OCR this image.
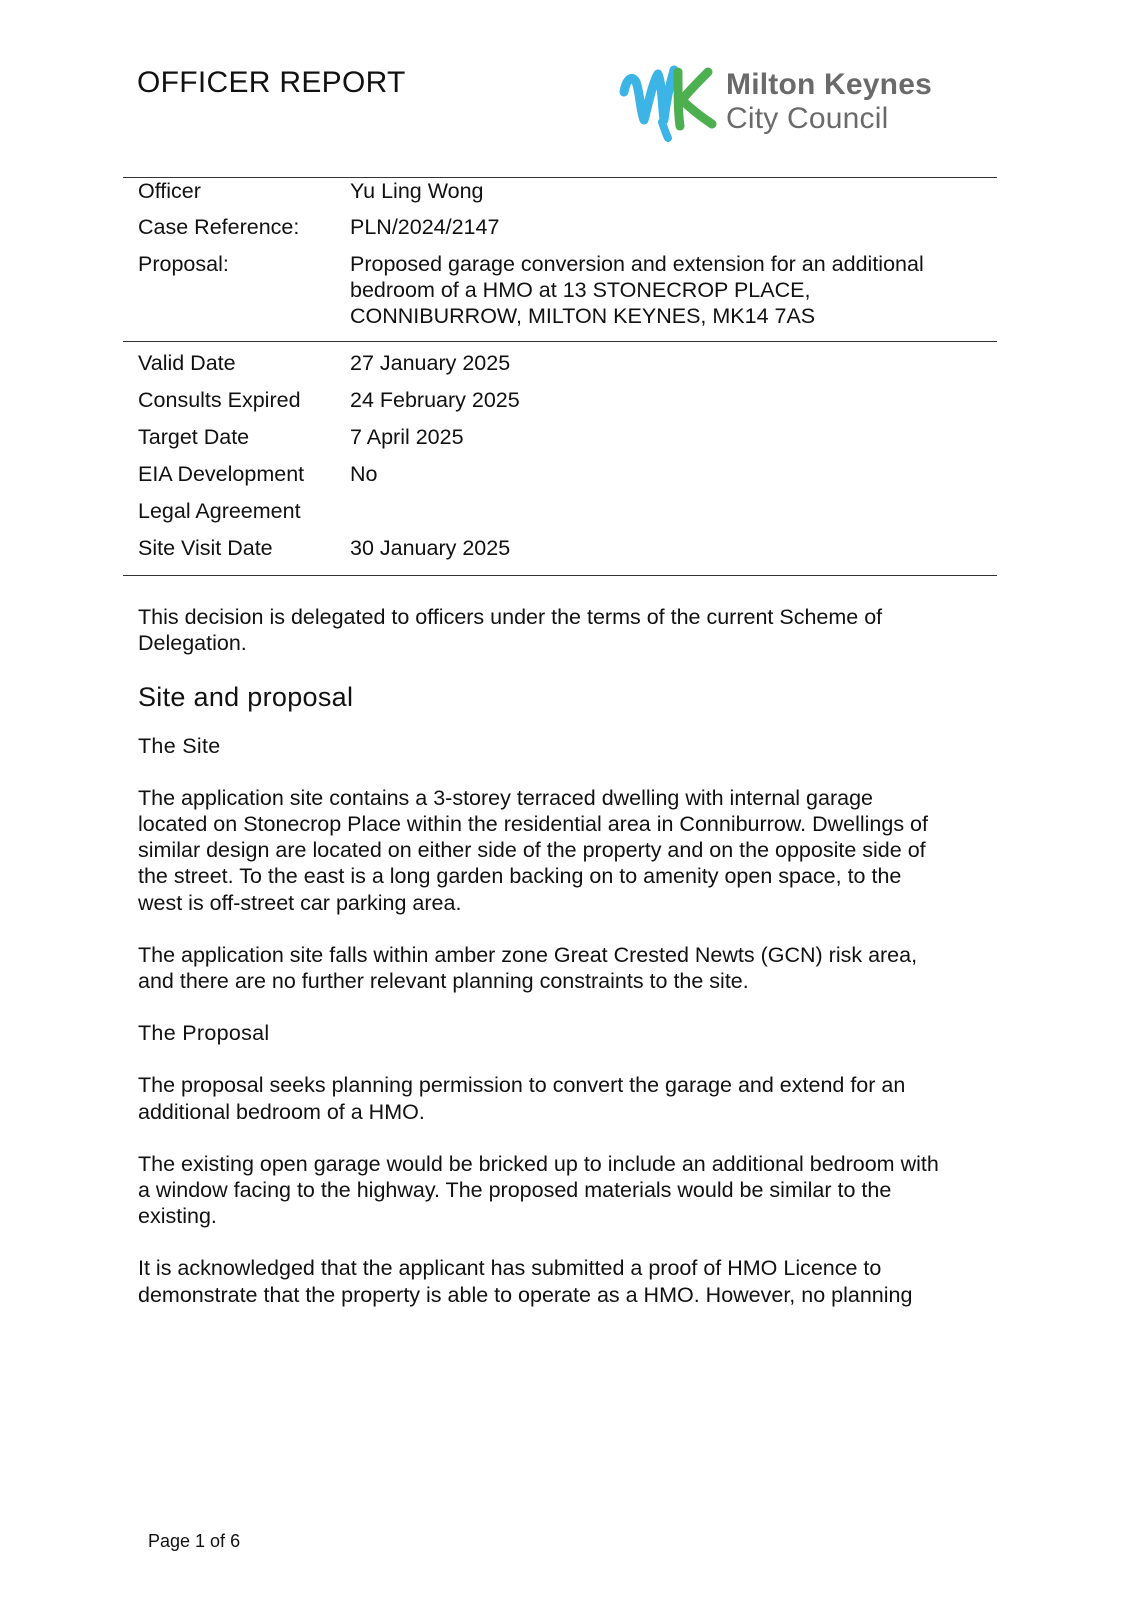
OFFICER REPORT	Milton Keynes
City Council
Officer	Yu Ling Wong
Case Reference: PLN/2024/2147
Proposal:	Proposed garage conversion and extension for an additional
bedroom of a HMO at 13 STONECROP PLACE,
CONNIBURROW, MILTON KEYNES, MK14 7AS
Valid Date	27 January 2025
Consults Expired 24 February 2025
Target Date	7 April 2025
EIA Development No
Legal Agreement
Site Visit Date	30 January 2025

This decision is delegated to officers under the terms of the current Scheme of
Delegation.

Site and proposal
The Site

The application site contains a 3-storey terraced dwelling with internal garage
located on Stonecrop Place within the residential area in Conniburrow. Dwellings of
similar design are located on either side of the property and on the opposite side of
the street. To the east is a long garden backing on to amenity open space, to the
west is off-street car parking area.

The application site falls within amber zone Great Crested Newts (GCN) risk area,
and there are no further relevant planning constraints to the site.

The Proposal

The proposal seeks planning permission to convert the garage and extend for an
additional bedroom of a HMO.

The existing open garage would be bricked up to include an additional bedroom with
a window facing to the highway. The proposed materials would be similar to the
existing.

It is acknowledged that the applicant has submitted a proof of HMO Licence to
demonstrate that the property is able to operate as a HMO. However, no planning

Page 1 of 6
